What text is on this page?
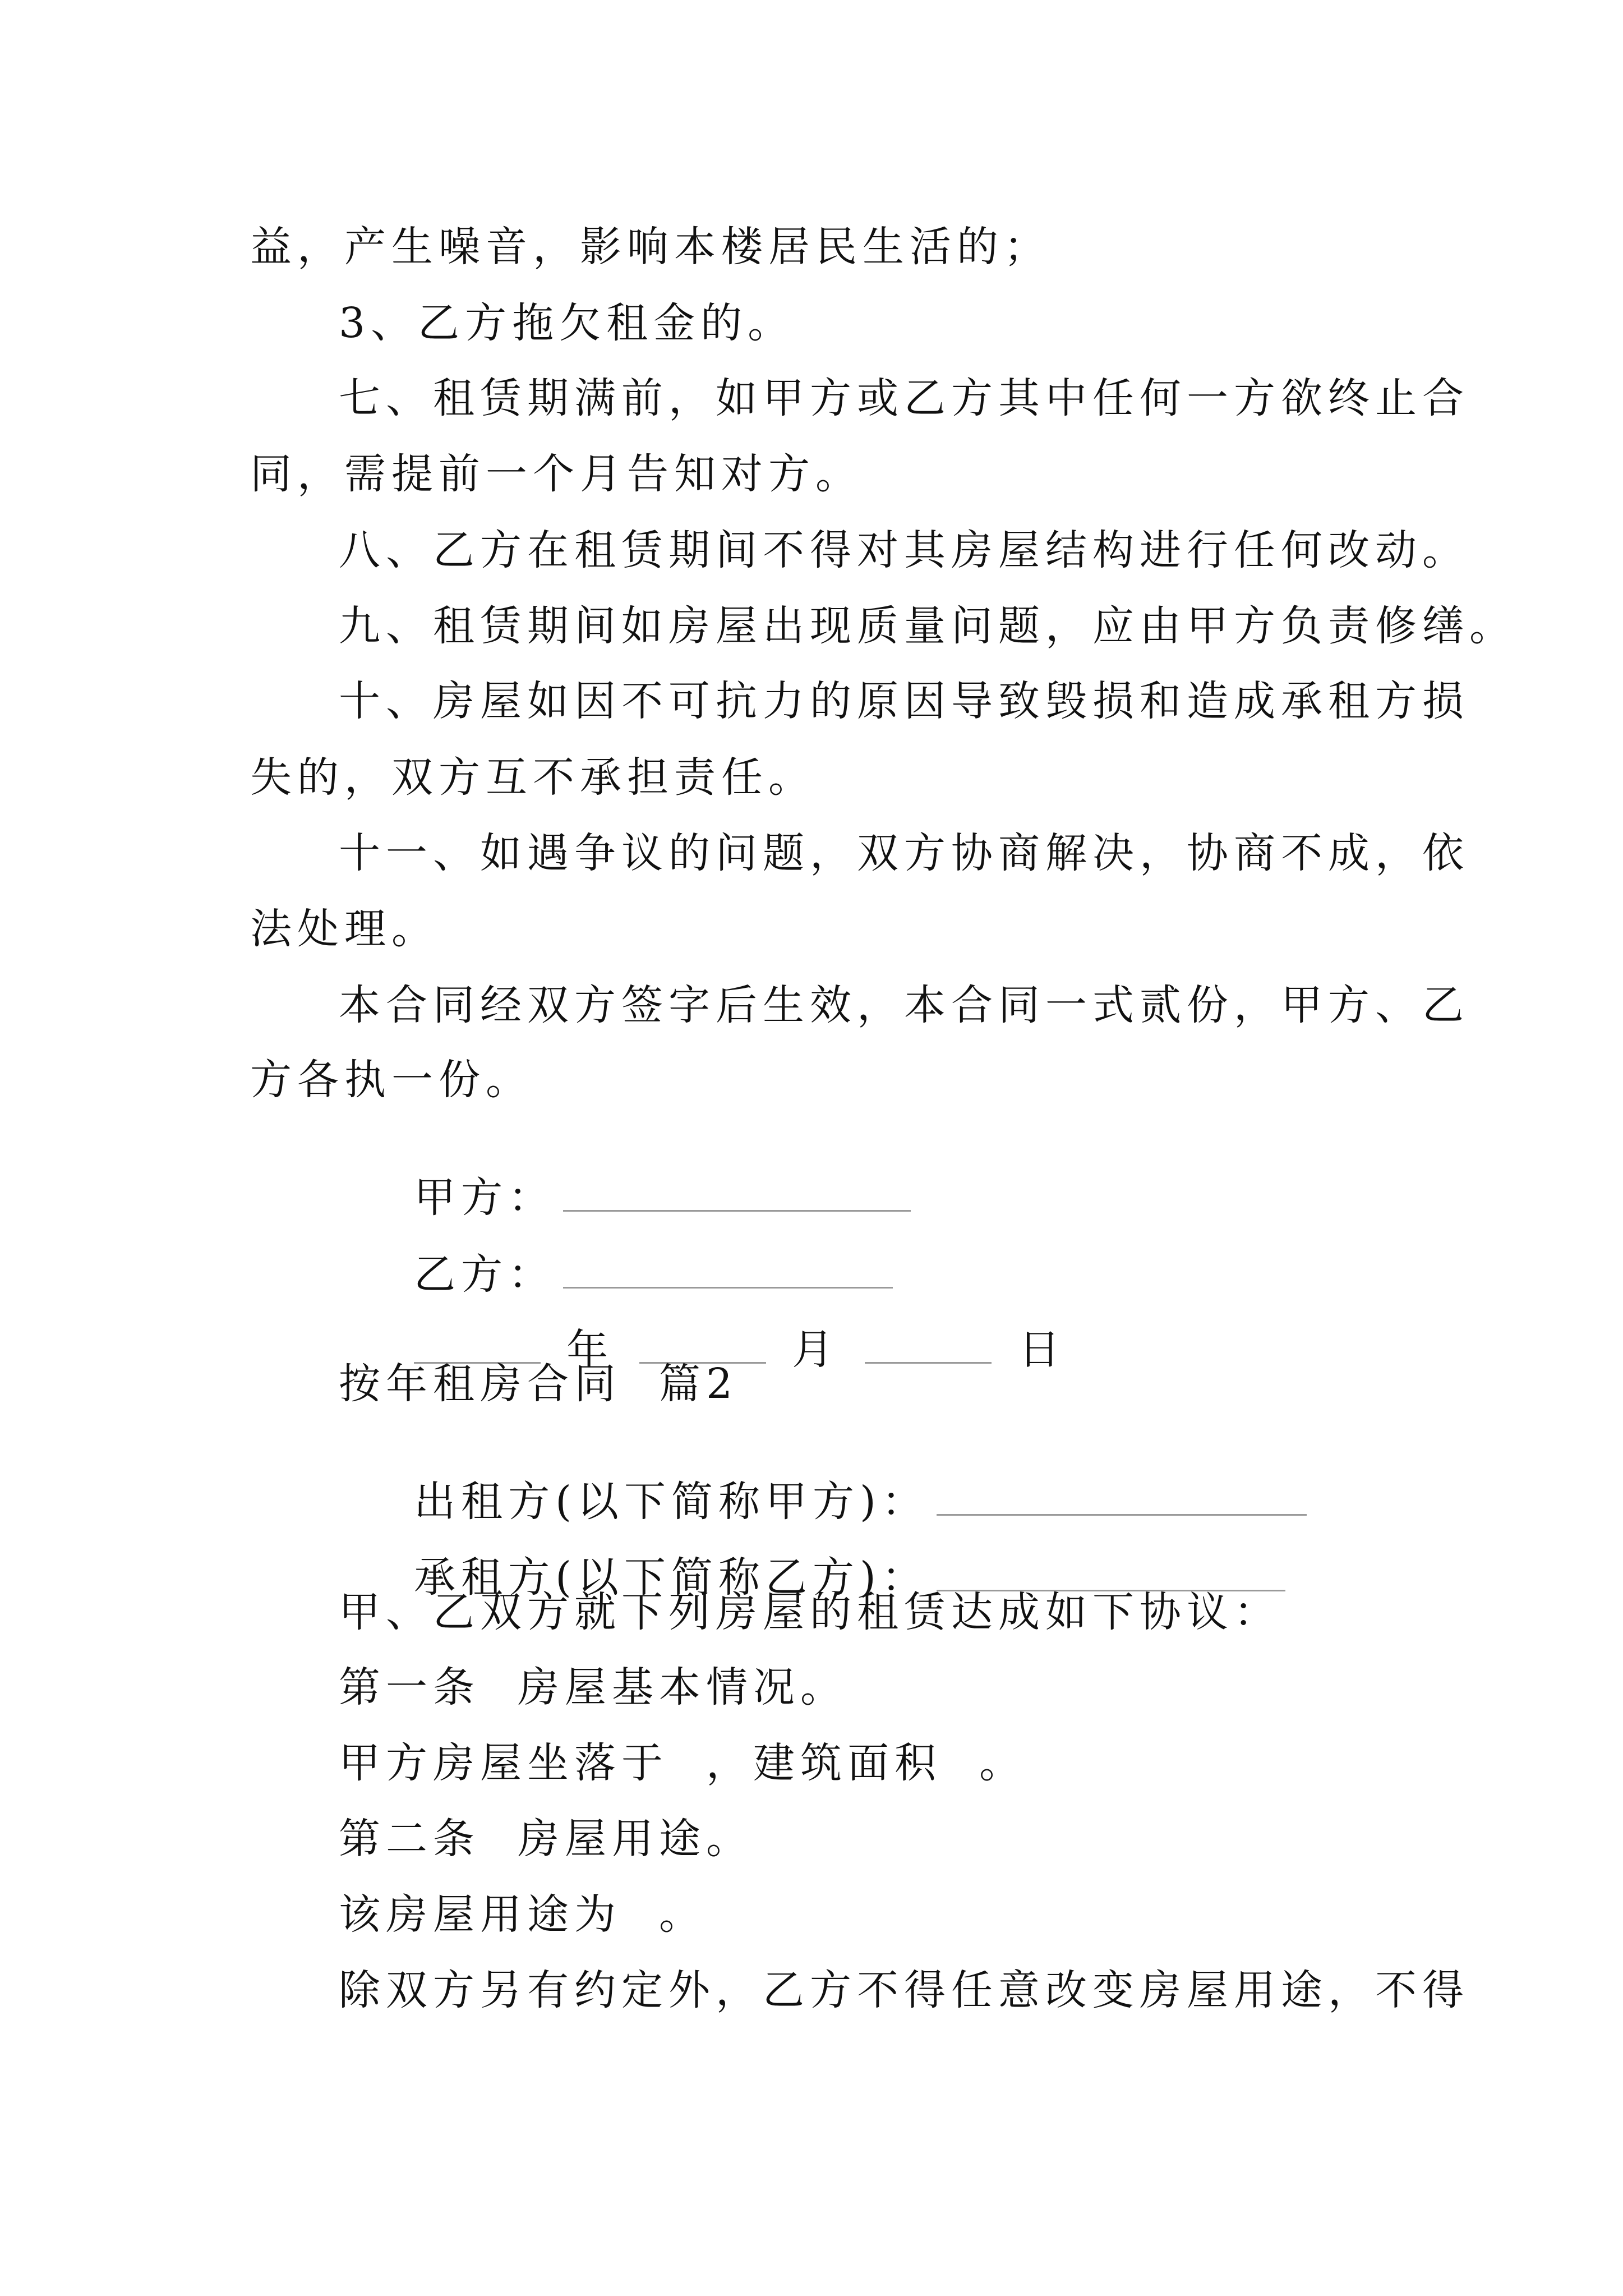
益，产生噪音，影响本楼居民生活的；
3、乙方拖欠租金的。
七、租赁期满前，如甲方或乙方其中任何一方欲终止合
同，需提前一个月告知对方。
八、乙方在租赁期间不得对其房屋结构进行任何改动。
九、租赁期间如房屋出现质量问题，应由甲方负责修缮。
十、房屋如因不可抗力的原因导致毁损和造成承租方损
失的，双方互不承担责任。
十一、如遇争议的问题，双方协商解决，协商不成，依
法处理。
本合同经双方签字后生效，本合同一式贰份，甲方、乙
方各执一份。

甲方：

乙方：

年	月	日

按年租房合同  篇2

出租方(以下简称甲方)：

承租方(以下简称乙方)：

甲、乙双方就下列房屋的租赁达成如下协议：
第一条  房屋基本情况。
甲方房屋坐落于  ，建筑面积  。
第二条  房屋用途。
该房屋用途为  。
除双方另有约定外，乙方不得任意改变房屋用途，不得
